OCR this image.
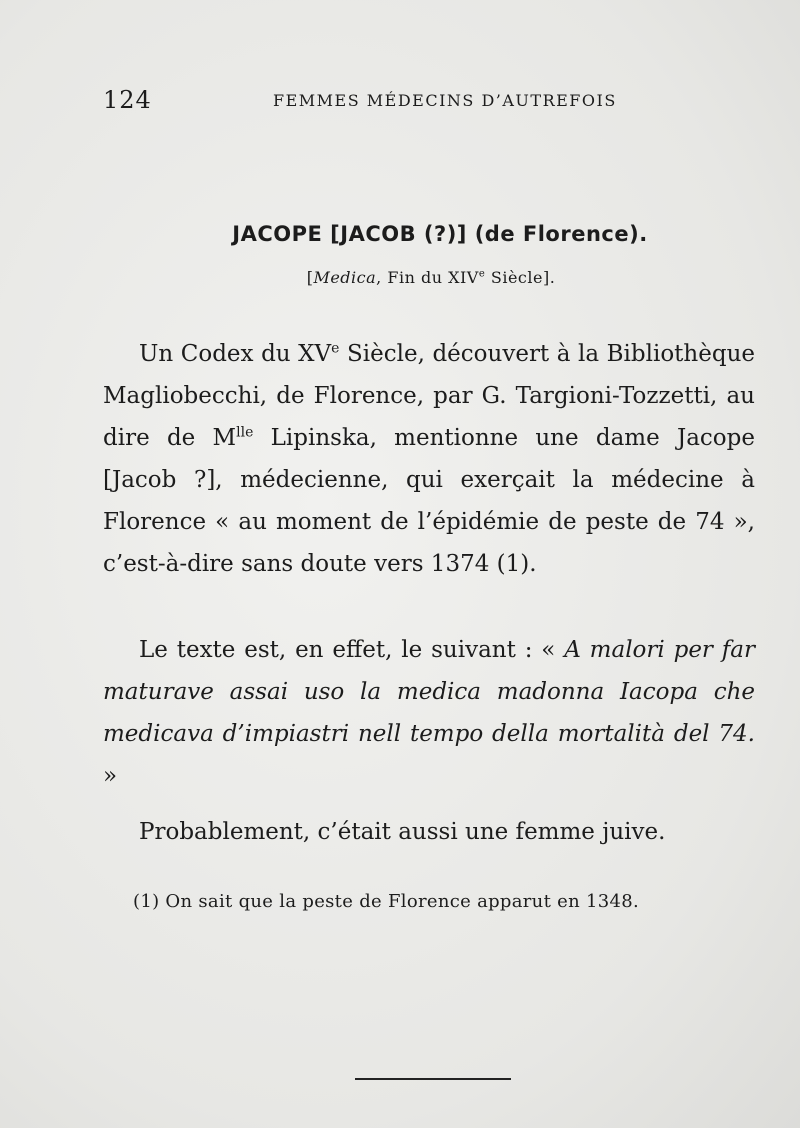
124	FEMMES MÉDECINS D’AUTREFOIS
JACOPE [JACOB (?)] (de Florence).
[Medica, Fin du XIVe Siècle].

Un Codex du XVe Siècle, découvert à la Bibliothèque Magliobecchi, de Florence, par G. Targioni-Tozzetti, au dire de $M^{lle}$ Lipinska, mentionne une dame Jacope [Jacob ?], médecienne, qui exerçait la médecine à Florence « au moment de l’épidémie de peste de 74 », c’est-à-dire sans doute vers 1374 (1).

Le texte est, en effet, le suivant : « A malori per far maturave assai uso la medica madonna Iacopa che medicava d’impiastri nell tempo della mortalità del 74. »

Probablement, c’était aussi une femme juive.

(1) On sait que la peste de Florence apparut en 1348.
